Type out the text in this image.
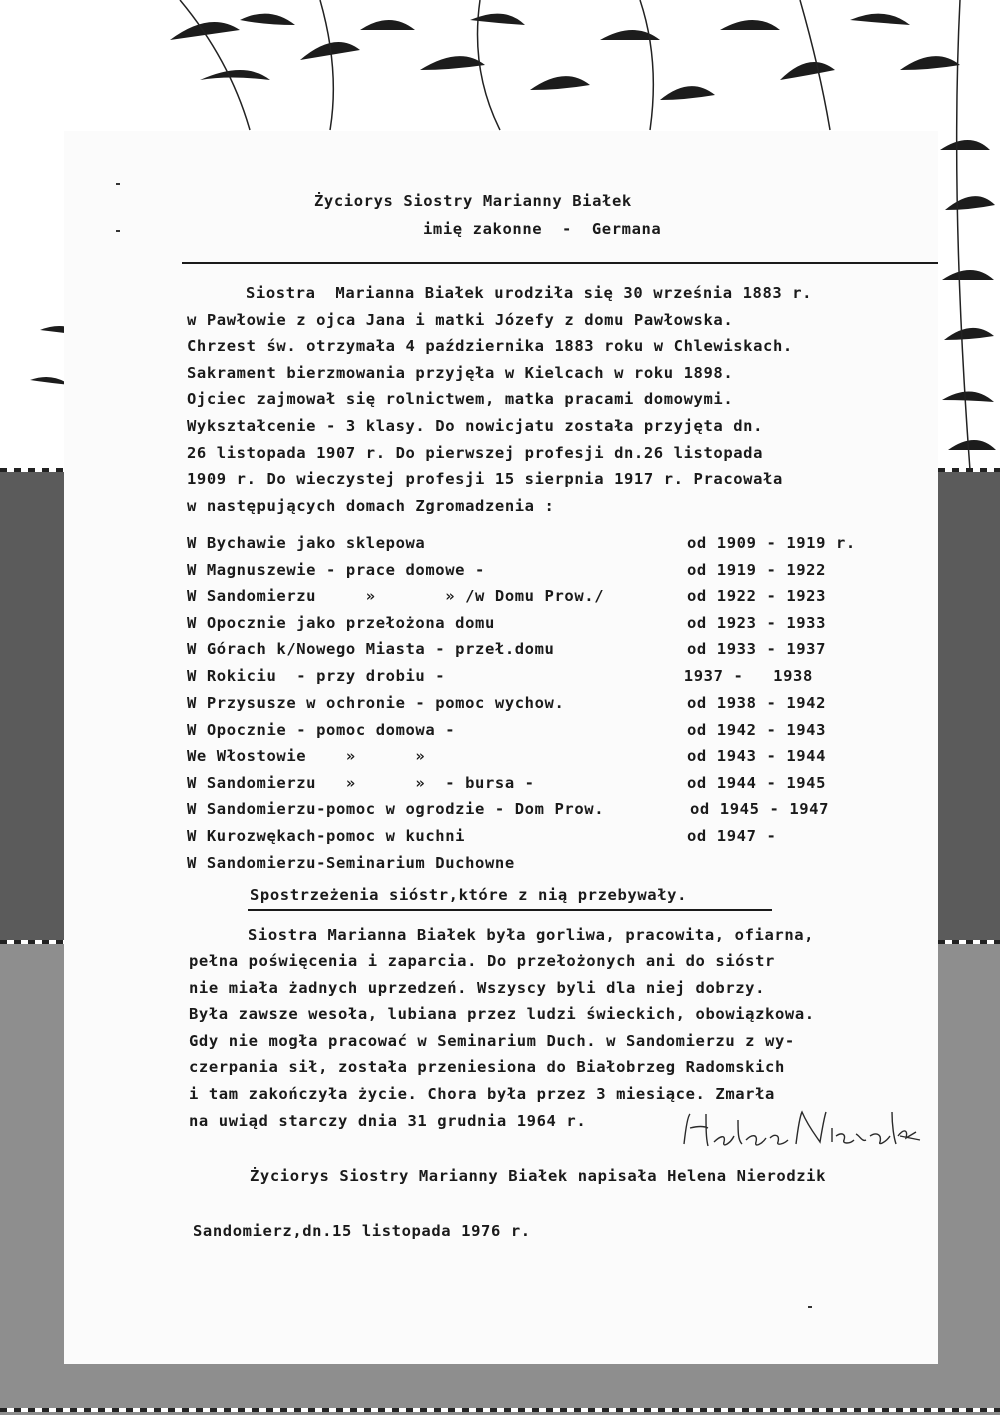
Życiorys Siostry Marianny Białek
imię zakonne  -  Germana
Siostra  Marianna Białek urodziła się 30 września 1883 r.
w Pawłowie z ojca Jana i matki Józefy z domu Pawłowska.
Chrzest św. otrzymała 4 października 1883 roku w Chlewiskach.
Sakrament bierzmowania przyjęła w Kielcach w roku 1898.
Ojciec zajmował się rolnictwem, matka pracami domowymi.
Wykształcenie - 3 klasy. Do nowicjatu została przyjęta dn.
26 listopada 1907 r. Do pierwszej profesji dn.26 listopada
1909 r. Do wieczystej profesji 15 sierpnia 1917 r. Pracowała
w następujących domach Zgromadzenia :
W Bychawie jako sklepowa	od 1909 - 1919 r.
W Magnuszewie - prace domowe -	od 1919 - 1922
W Sandomierzu     »       » /w Domu Prow./	od 1922 - 1923
W Opocznie jako przełożona domu	od 1923 - 1933
W Górach k/Nowego Miasta - przeł.domu	od 1933 - 1937
W Rokiciu  - przy drobiu -	1937 -   1938
W Przysusze w ochronie - pomoc wychow.	od 1938 - 1942
W Opocznie - pomoc domowa -	od 1942 - 1943
We Włostowie    »      »	od 1943 - 1944
W Sandomierzu   »      »  - bursa -	od 1944 - 1945
W Sandomierzu-pomoc w ogrodzie - Dom Prow.	od 1945 - 1947
W Kurozwękach-pomoc w kuchni	od 1947 -
W Sandomierzu-Seminarium Duchowne
Spostrzeżenia sióstr,które z nią przebywały.
Siostra Marianna Białek była gorliwa, pracowita, ofiarna,
pełna poświęcenia i zaparcia. Do przełożonych ani do sióstr
nie miała żadnych uprzedzeń. Wszyscy byli dla niej dobrzy.
Była zawsze wesoła, lubiana przez ludzi świeckich, obowiązkowa.
Gdy nie mogła pracować w Seminarium Duch. w Sandomierzu z wy-
czerpania sił, została przeniesiona do Białobrzeg Radomskich
i tam zakończyła życie. Chora była przez 3 miesiące. Zmarła
na uwiąd starczy dnia 31 grudnia 1964 r.
Życiorys Siostry Marianny Białek napisała Helena Nierodzik
Sandomierz,dn.15 listopada 1976 r.
